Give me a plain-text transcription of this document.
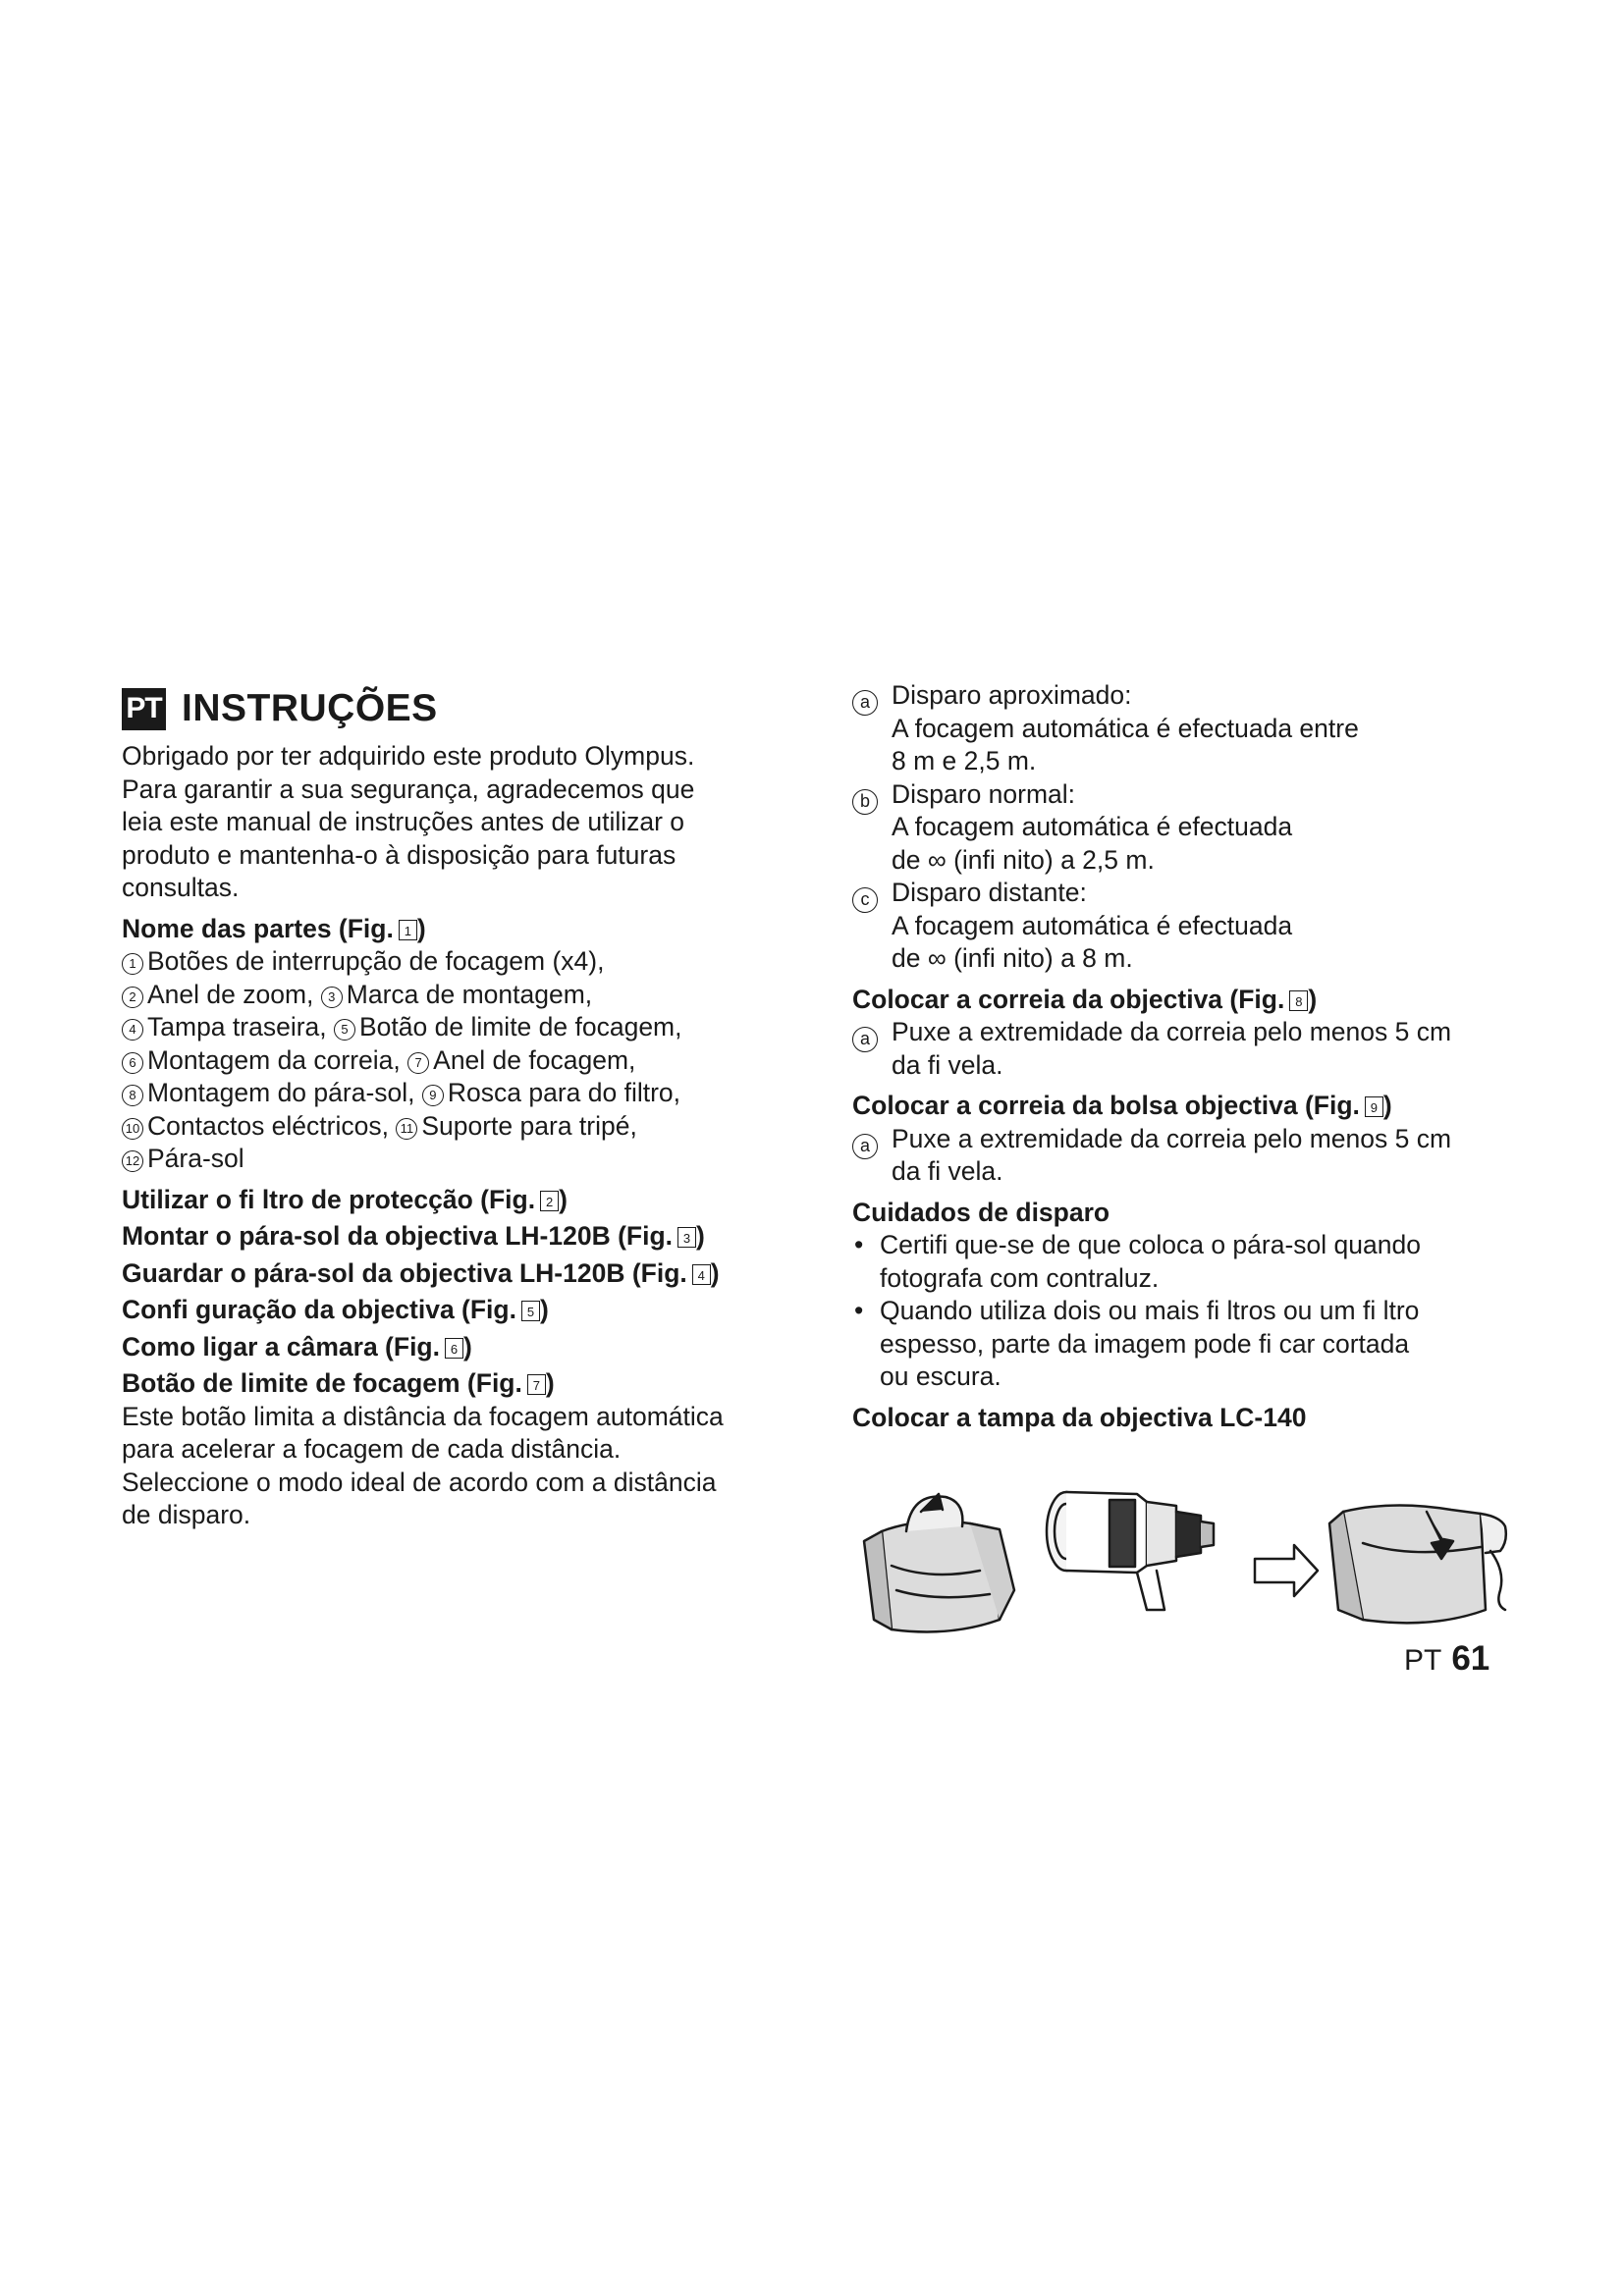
PT INSTRUÇÕES

Obrigado por ter adquirido este produto Olympus.

Para garantir a sua segurança, agradecemos que

leia este manual de instruções antes de utilizar o

produto e mantenha-o à disposição para futuras

consultas.

Nome das partes (Fig. 1 )
1 Botões de interrupção de focagem (x4),
2 Anel de zoom, 3 Marca de montagem,
4 Tampa traseira, 5 Botão de limite de focagem,
6 Montagem da correia, 7 Anel de focagem,
8 Montagem do pára-sol, 9 Rosca para do filtro,
10 Contactos eléctricos, 11 Suporte para tripé,
12 Pára-sol
Utilizar o fi ltro de protecção (Fig. 2 )
Montar o pára-sol da objectiva LH-120B (Fig. 3 )
Guardar o pára-sol da objectiva LH-120B (Fig. 4 )
Confi guração da objectiva (Fig. 5 )
Como ligar a câmara (Fig. 6 )
Botão de limite de focagem (Fig. 7 )

Este botão limita a distância da focagem automática

para acelerar a focagem de cada distância.

Seleccione o modo ideal de acordo com a distância

de disparo.

a Disparo aproximado:
A focagem automática é efectuada entre
8 m e 2,5 m.
b Disparo normal:
A focagem automática é efectuada
de ∞ (infi nito) a 2,5 m.
c Disparo distante:
A focagem automática é efectuada
de ∞ (infi nito) a 8 m.
Colocar a correia da objectiva (Fig. 8 )
a Puxe a extremidade da correia pelo menos 5 cm
da fi vela.
Colocar a correia da bolsa objectiva (Fig. 9 )
a Puxe a extremidade da correia pelo menos 5 cm
da fi vela.
Cuidados de disparo
• Certifi que-se de que coloca o pára-sol quando
fotografa com contraluz.
• Quando utiliza dois ou mais fi ltros ou um fi ltro
espesso, parte da imagem pode fi car cortada
ou escura.
Colocar a tampa da objectiva LC-140
PT 61
